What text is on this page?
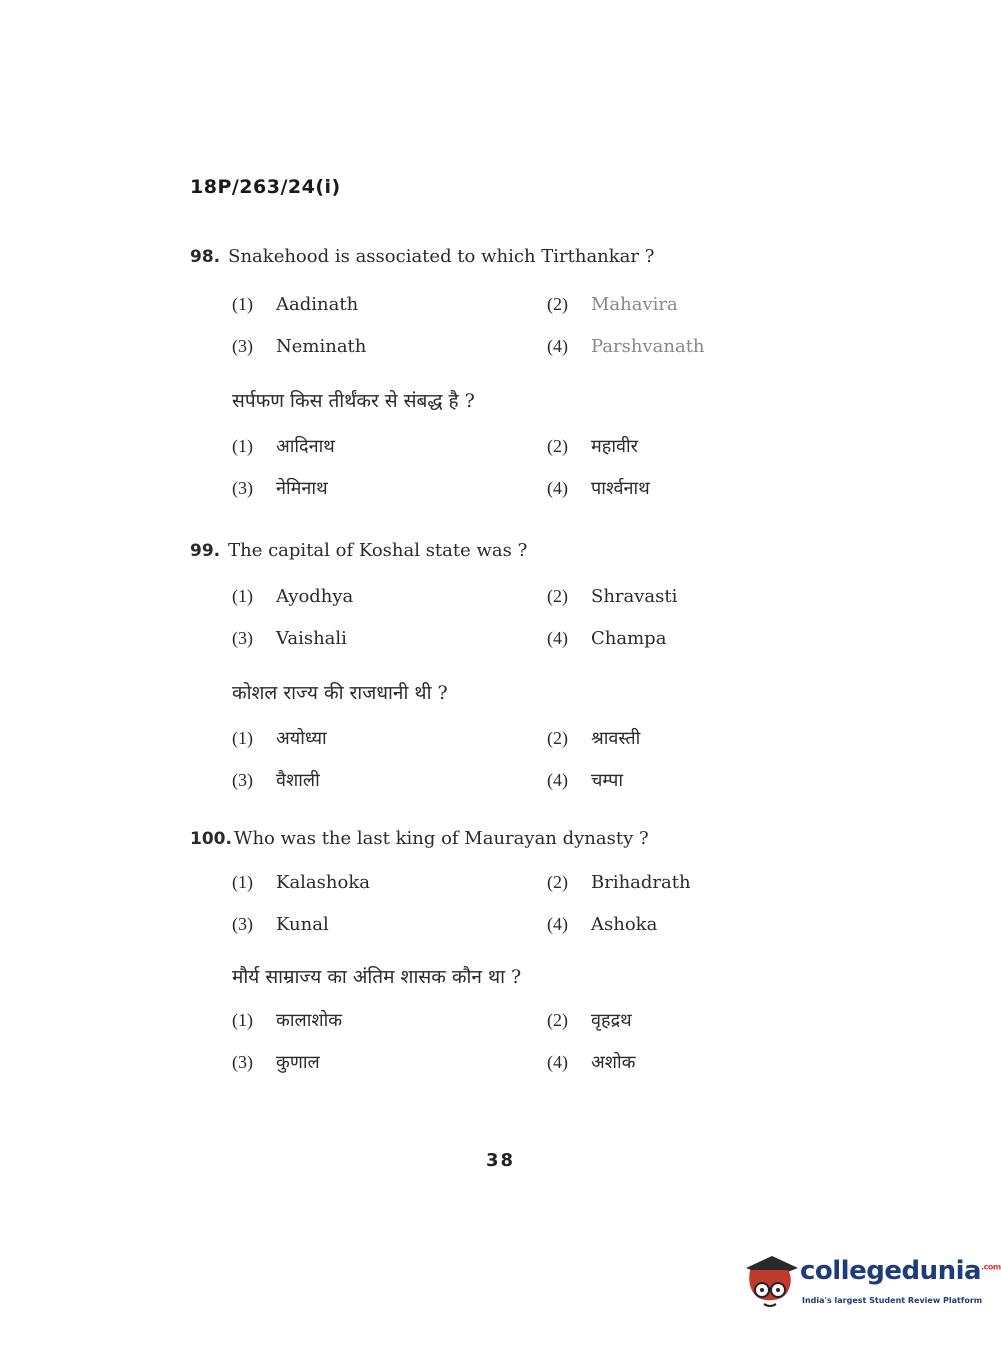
18P/263/24(i)
98. Snakehood is associated to which Tirthankar ?
(1) Aadinath	(2) Mahavira
(3) Neminath	(4) Parshvanath
सर्पफण किस तीर्थंकर से संबद्ध है ?
(1) आदिनाथ	(2) महावीर
(3) नेमिनाथ	(4) पार्श्वनाथ
99. The capital of Koshal state was ?
(1) Ayodhya	(2) Shravasti
(3) Vaishali	(4) Champa
कोशल राज्य की राजधानी थी ?
(1) अयोध्या	(2) श्रावस्ती
(3) वैशाली	(4) चम्पा
100. Who was the last king of Maurayan dynasty ?
(1) Kalashoka	(2) Brihadrath
(3) Kunal	(4) Ashoka
मौर्य साम्राज्य का अंतिम शासक कौन था ?
(1) कालाशोक	(2) वृहद्रथ
(3) कुणाल	(4) अशोक
38
collegedunia$^{.com}$
India's largest Student Review Platform
